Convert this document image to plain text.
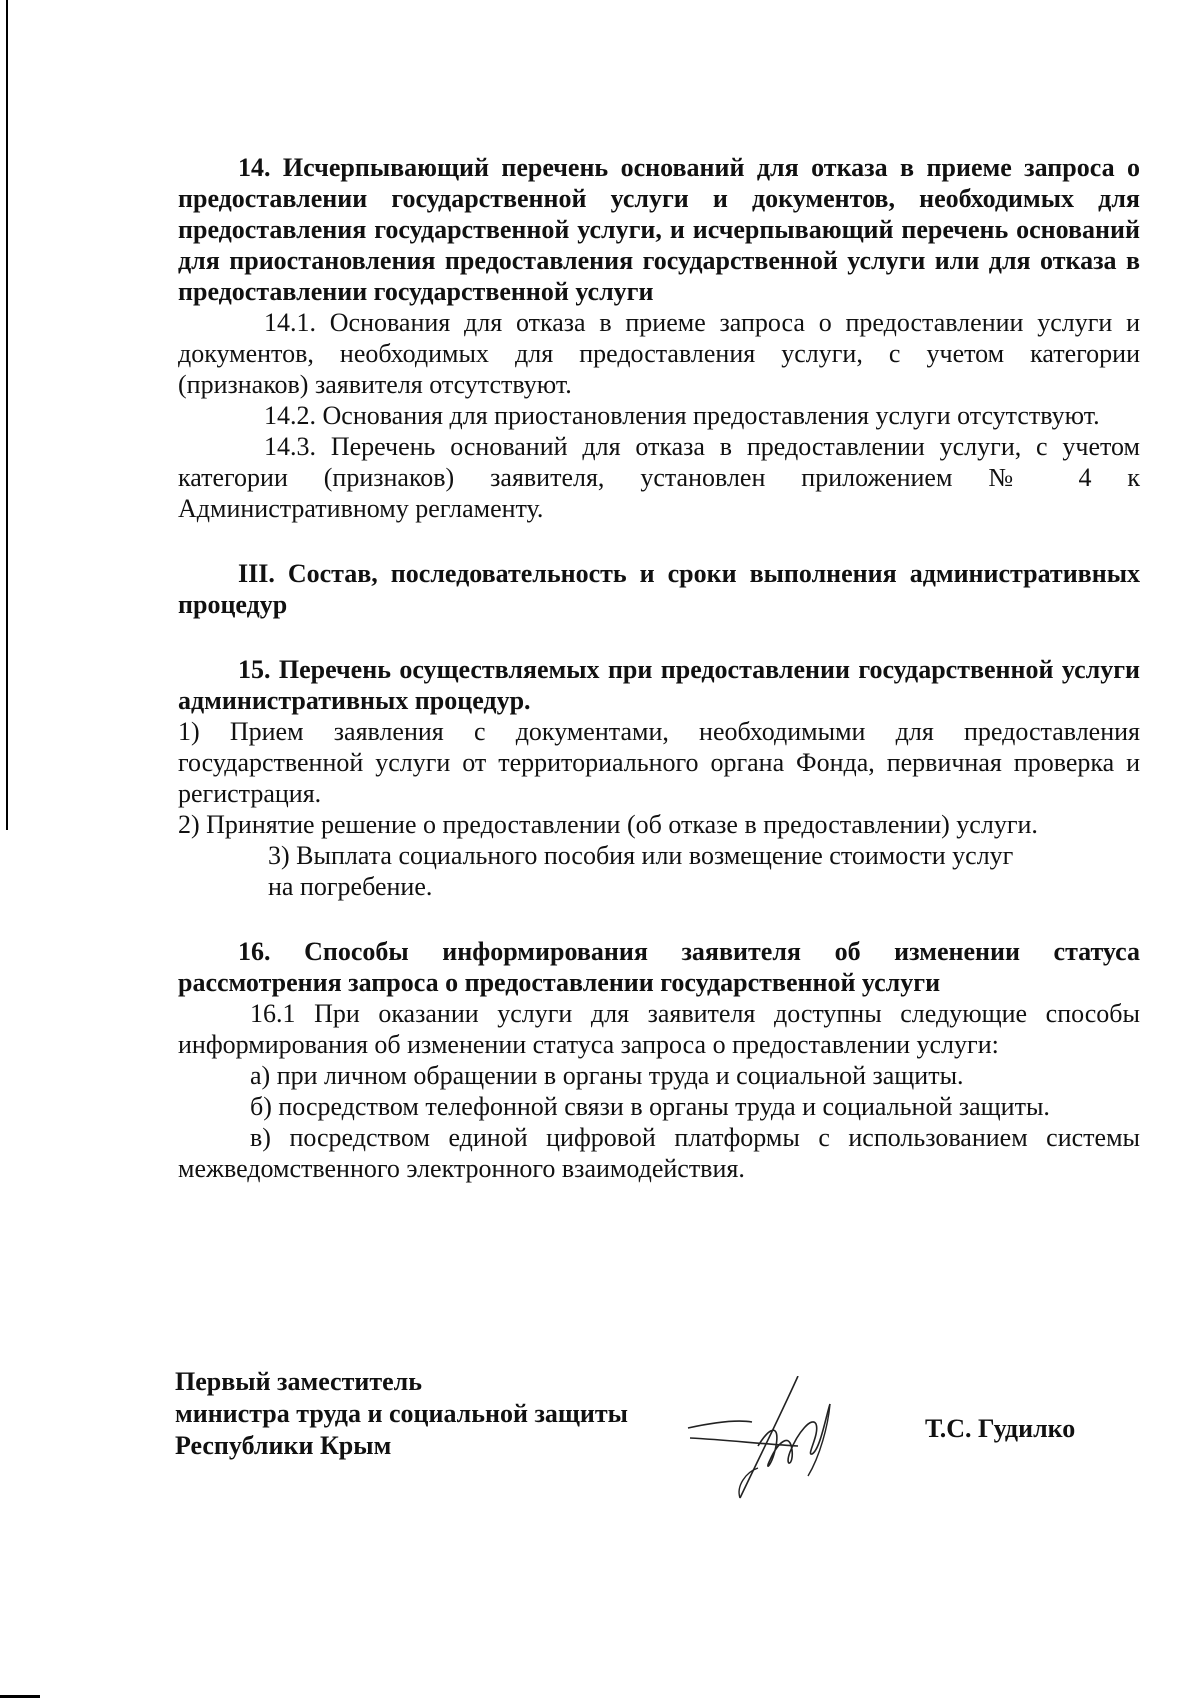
14. Исчерпывающий перечень оснований для отказа в приеме запроса о предоставлении государственной услуги и документов, необходимых для предоставления государственной услуги, и исчерпывающий перечень оснований для приостановления предоставления государственной услуги или для отказа в предоставлении государственной услуги
14.1. Основания для отказа в приеме запроса о предоставлении услуги и документов, необходимых для предоставления услуги, с учетом категории (признаков) заявителя отсутствуют.
14.2. Основания для приостановления предоставления услуги отсутствуют.
14.3. Перечень оснований для отказа в предоставлении услуги, с учетом категории (признаков) заявителя, установлен приложением № 4 к Административному регламенту.
III. Состав, последовательность и сроки выполнения административных процедур
15. Перечень осуществляемых при предоставлении государственной услуги административных процедур.
1) Прием заявления с документами, необходимыми для предоставления государственной услуги от территориального органа Фонда, первичная проверка и регистрация.
2) Принятие решение о предоставлении (об отказе в предоставлении) услуги.
3) Выплата социального пособия или возмещение стоимости услуг
на погребение.
16. Способы информирования заявителя об изменении статуса рассмотрения запроса о предоставлении государственной услуги
16.1 При оказании услуги для заявителя доступны следующие способы информирования об изменении статуса запроса о предоставлении услуги:
а) при личном обращении в органы труда и социальной защиты.
б) посредством телефонной связи в органы труда и социальной защиты.
в) посредством единой цифровой платформы с использованием системы межведомственного электронного взаимодействия.
Первый заместитель
министра труда и социальной защиты
Республики Крым
Т.С. Гудилко
